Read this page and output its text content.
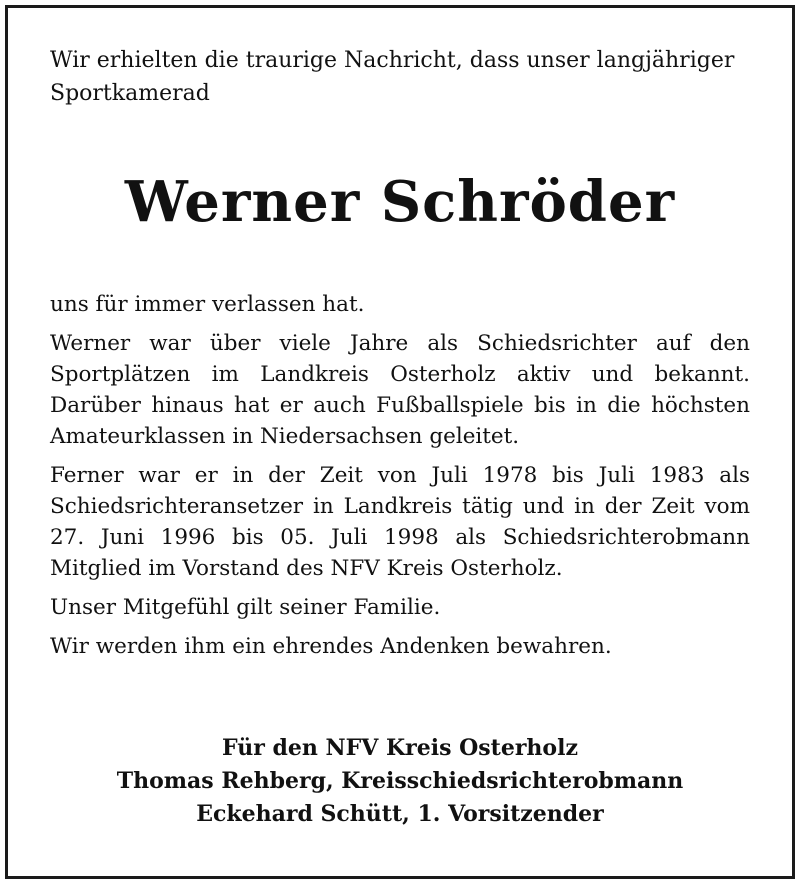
Wir erhielten die traurige Nachricht, dass unser langjähriger Sportkamerad

Werner Schröder

uns für immer verlassen hat.

Werner war über viele Jahre als Schiedsrichter auf den Sportplätzen im Landkreis Osterholz aktiv und bekannt. Darüber hinaus hat er auch Fußballspiele bis in die höchsten Amateurklassen in Niedersachsen geleitet.

Ferner war er in der Zeit von Juli 1978 bis Juli 1983 als Schiedsrichteransetzer in Landkreis tätig und in der Zeit vom 27. Juni 1996 bis 05. Juli 1998 als Schiedsrichterobmann Mitglied im Vorstand des NFV Kreis Osterholz.

Unser Mitgefühl gilt seiner Familie.

Wir werden ihm ein ehrendes Andenken bewahren.

Für den NFV Kreis Osterholz

Thomas Rehberg, Kreisschiedsrichterobmann

Eckehard Schütt, 1. Vorsitzender
